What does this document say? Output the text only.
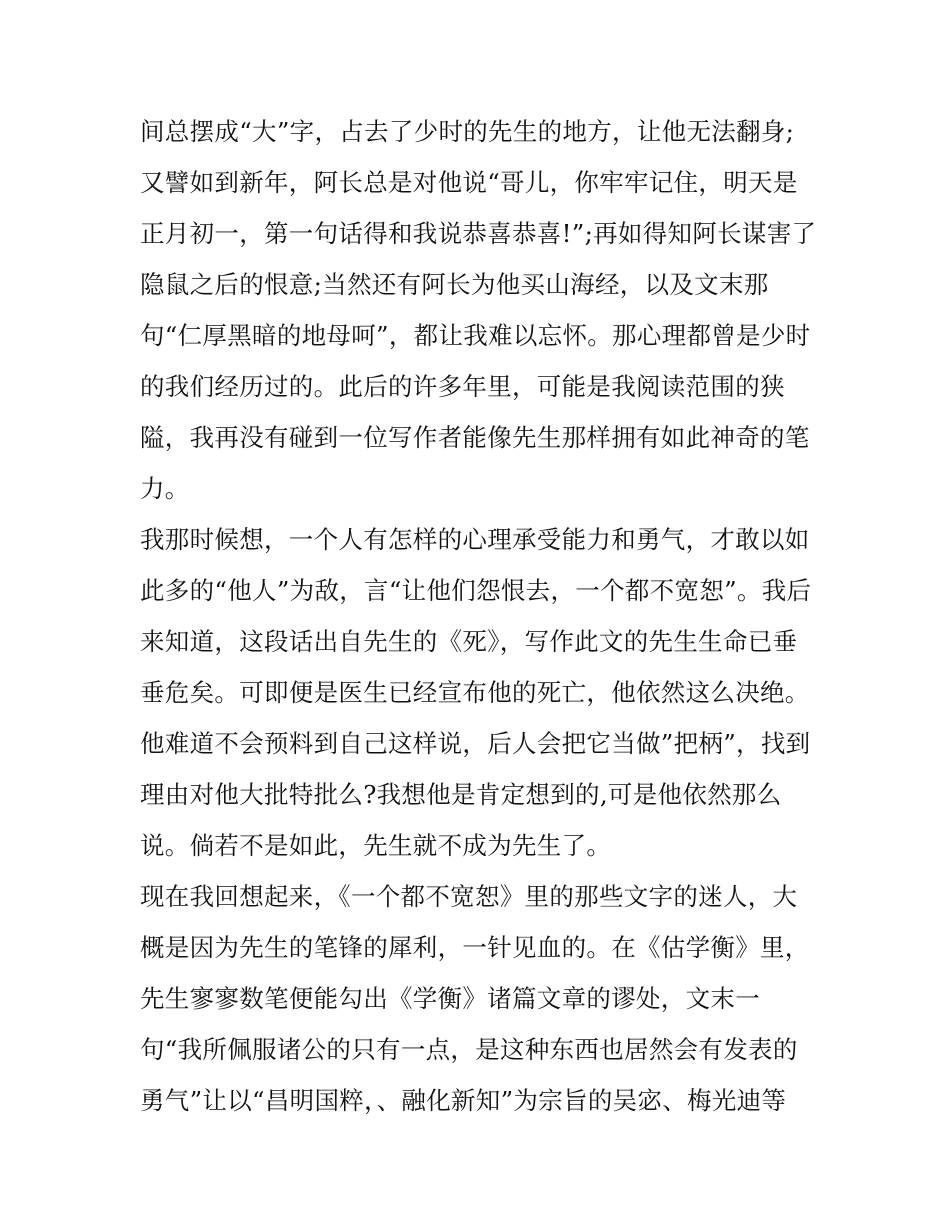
间总摆成“大”字，占去了少时的先生的地方，让他无法翻身;
又譬如到新年，阿长总是对他说“哥儿，你牢牢记住，明天是
正月初一，第一句话得和我说恭喜恭喜!”;再如得知阿长谋害了
隐鼠之后的恨意;当然还有阿长为他买山海经，以及文末那
句“仁厚黑暗的地母呵”，都让我难以忘怀。那心理都曾是少时
的我们经历过的。此后的许多年里，可能是我阅读范围的狭
隘，我再没有碰到一位写作者能像先生那样拥有如此神奇的笔
力。
我那时候想，一个人有怎样的心理承受能力和勇气，才敢以如
此多的“他人”为敌，言“让他们怨恨去，一个都不宽恕”。我后
来知道，这段话出自先生的《死》，写作此文的先生生命已垂
垂危矣。可即便是医生已经宣布他的死亡，他依然这么决绝。
他难道不会预料到自己这样说，后人会把它当做”把柄”，找到
理由对他大批特批么?我想他是肯定想到的,可是他依然那么
说。倘若不是如此，先生就不成为先生了。
现在我回想起来，《一个都不宽恕》里的那些文字的迷人，大
概是因为先生的笔锋的犀利，一针见血的。在《估学衡》里，
先生寥寥数笔便能勾出《学衡》诸篇文章的谬处，文末一
句“我所佩服诸公的只有一点，是这种东西也居然会有发表的
勇气”让以“昌明国粹，、融化新知”为宗旨的吴宓、梅光迪等
